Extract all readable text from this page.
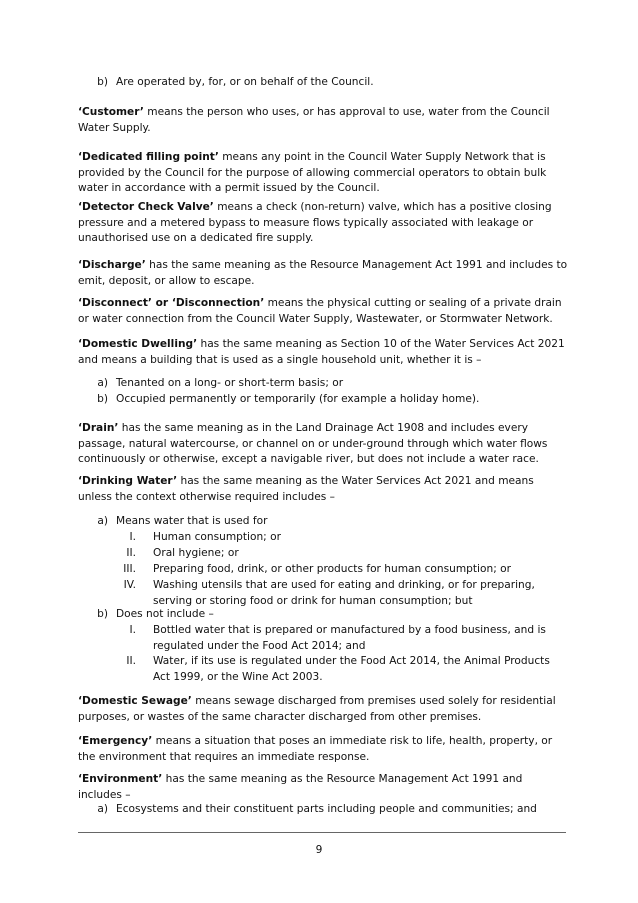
b) Are operated by, for, or on behalf of the Council.

‘Customer’ means the person who uses, or has approval to use, water from the Council Water Supply.

‘Dedicated filling point’ means any point in the Council Water Supply Network that is provided by the Council for the purpose of allowing commercial operators to obtain bulk water in accordance with a permit issued by the Council.

‘Detector Check Valve’ means a check (non-return) valve, which has a positive closing pressure and a metered bypass to measure flows typically associated with leakage or unauthorised use on a dedicated fire supply.

‘Discharge’ has the same meaning as the Resource Management Act 1991 and includes to emit, deposit, or allow to escape.

‘Disconnect’ or ‘Disconnection’ means the physical cutting or sealing of a private drain or water connection from the Council Water Supply, Wastewater, or Stormwater Network.

‘Domestic Dwelling’ has the same meaning as Section 10 of the Water Services Act 2021 and means a building that is used as a single household unit, whether it is –

a) Tenanted on a long- or short-term basis; or
b) Occupied permanently or temporarily (for example a holiday home).

‘Drain’ has the same meaning as in the Land Drainage Act 1908 and includes every passage, natural watercourse, or channel on or under-ground through which water flows continuously or otherwise, except a navigable river, but does not include a water race.

‘Drinking Water’ has the same meaning as the Water Services Act 2021 and means unless the context otherwise required includes –

a) Means water that is used for
I. Human consumption; or
II. Oral hygiene; or
III. Preparing food, drink, or other products for human consumption; or
IV. Washing utensils that are used for eating and drinking, or for preparing, serving or storing food or drink for human consumption; but
b) Does not include –
I. Bottled water that is prepared or manufactured by a food business, and is regulated under the Food Act 2014; and
II. Water, if its use is regulated under the Food Act 2014, the Animal Products Act 1999, or the Wine Act 2003.

‘Domestic Sewage’ means sewage discharged from premises used solely for residential purposes, or wastes of the same character discharged from other premises.

‘Emergency’ means a situation that poses an immediate risk to life, health, property, or the environment that requires an immediate response.

‘Environment’ has the same meaning as the Resource Management Act 1991 and includes –

a) Ecosystems and their constituent parts including people and communities; and
9
